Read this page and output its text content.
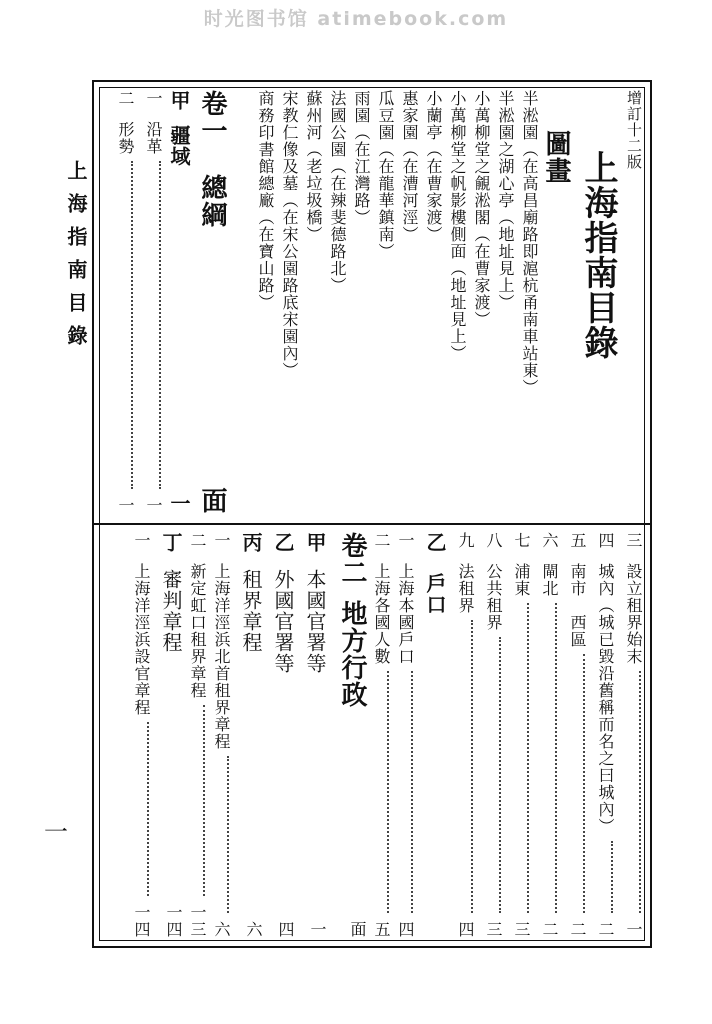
时光图书馆 atimebook.com
上 海 指 南 目 錄
一
增訂十二版
上海指南目錄
圖畫
半淞園（在高昌廟路即滬杭甬南車站東）
半淞園之湖心亭（地址見上）
小萬柳堂之覦淞閣（在曹家渡）
小萬柳堂之帆影樓側面（地址見上）
小蘭亭（在曹家渡）
惠家園（在漕河涇）
瓜豆園（在龍華鎮南）
雨園（在江灣路）
法國公園（在辣斐德路北）
蘇州河（老垃圾橋）
宋教仁像及墓（在宋公園路底宋園內）
商務印書館總廠（在寶山路）
卷一
總綱
面
甲
疆域
一
一
沿革
一
二
形勢
一
三
設立租界始末
一
四
城內（城已毀沿舊稱而名之曰城內）
二
五
南市　西區
二
六
閘北
二
七
浦東
三
八
公共租界
三
九
法租界
四
乙
戶口
一
上海本國戶口
四
二
上海各國人數
五
卷二
地方行政
面
甲
本國官署等
一
乙
外國官署等
四
丙
租界章程
六
一
上海洋涇浜北首租界章程
六
二
新定虹口租界章程
一三
丁
審判章程
一四
一
上海洋涇浜設官章程
一四
